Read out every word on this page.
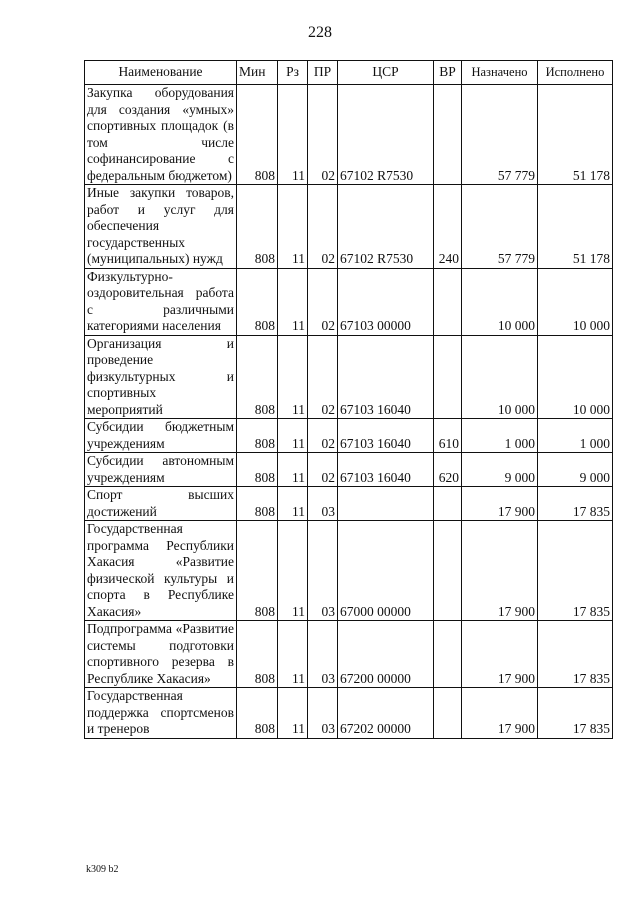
228
Наименование	Мин	Рз	ПР	ЦСР	ВР	Назначено	Исполнено
Закупка оборудования для создания «умных» спортивных площадок (в том числе софинансирование с федеральным бюджетом)	808	11	02	67102 R7530		57 779	51 178
Иные закупки товаров, работ и услуг для обеспечения государственных (муниципальных) нужд	808	11	02	67102 R7530	240	57 779	51 178
Физкультурно-оздоровительная работа с различными категориями населения	808	11	02	67103 00000		10 000	10 000
Организация и проведение физкультурных и спортивных мероприятий	808	11	02	67103 16040		10 000	10 000
Субсидии бюджетным учреждениям	808	11	02	67103 16040	610	1 000	1 000
Субсидии автономным учреждениям	808	11	02	67103 16040	620	9 000	9 000
Спорт высших достижений	808	11	03			17 900	17 835
Государственная программа Республики Хакасия «Развитие физической культуры и спорта в Республике Хакасия»	808	11	03	67000 00000		17 900	17 835
Подпрограмма «Развитие системы подготовки спортивного резерва в Республике Хакасия»	808	11	03	67200 00000		17 900	17 835
Государственная поддержка спортсменов и тренеров	808	11	03	67202 00000		17 900	17 835
k309 b2
